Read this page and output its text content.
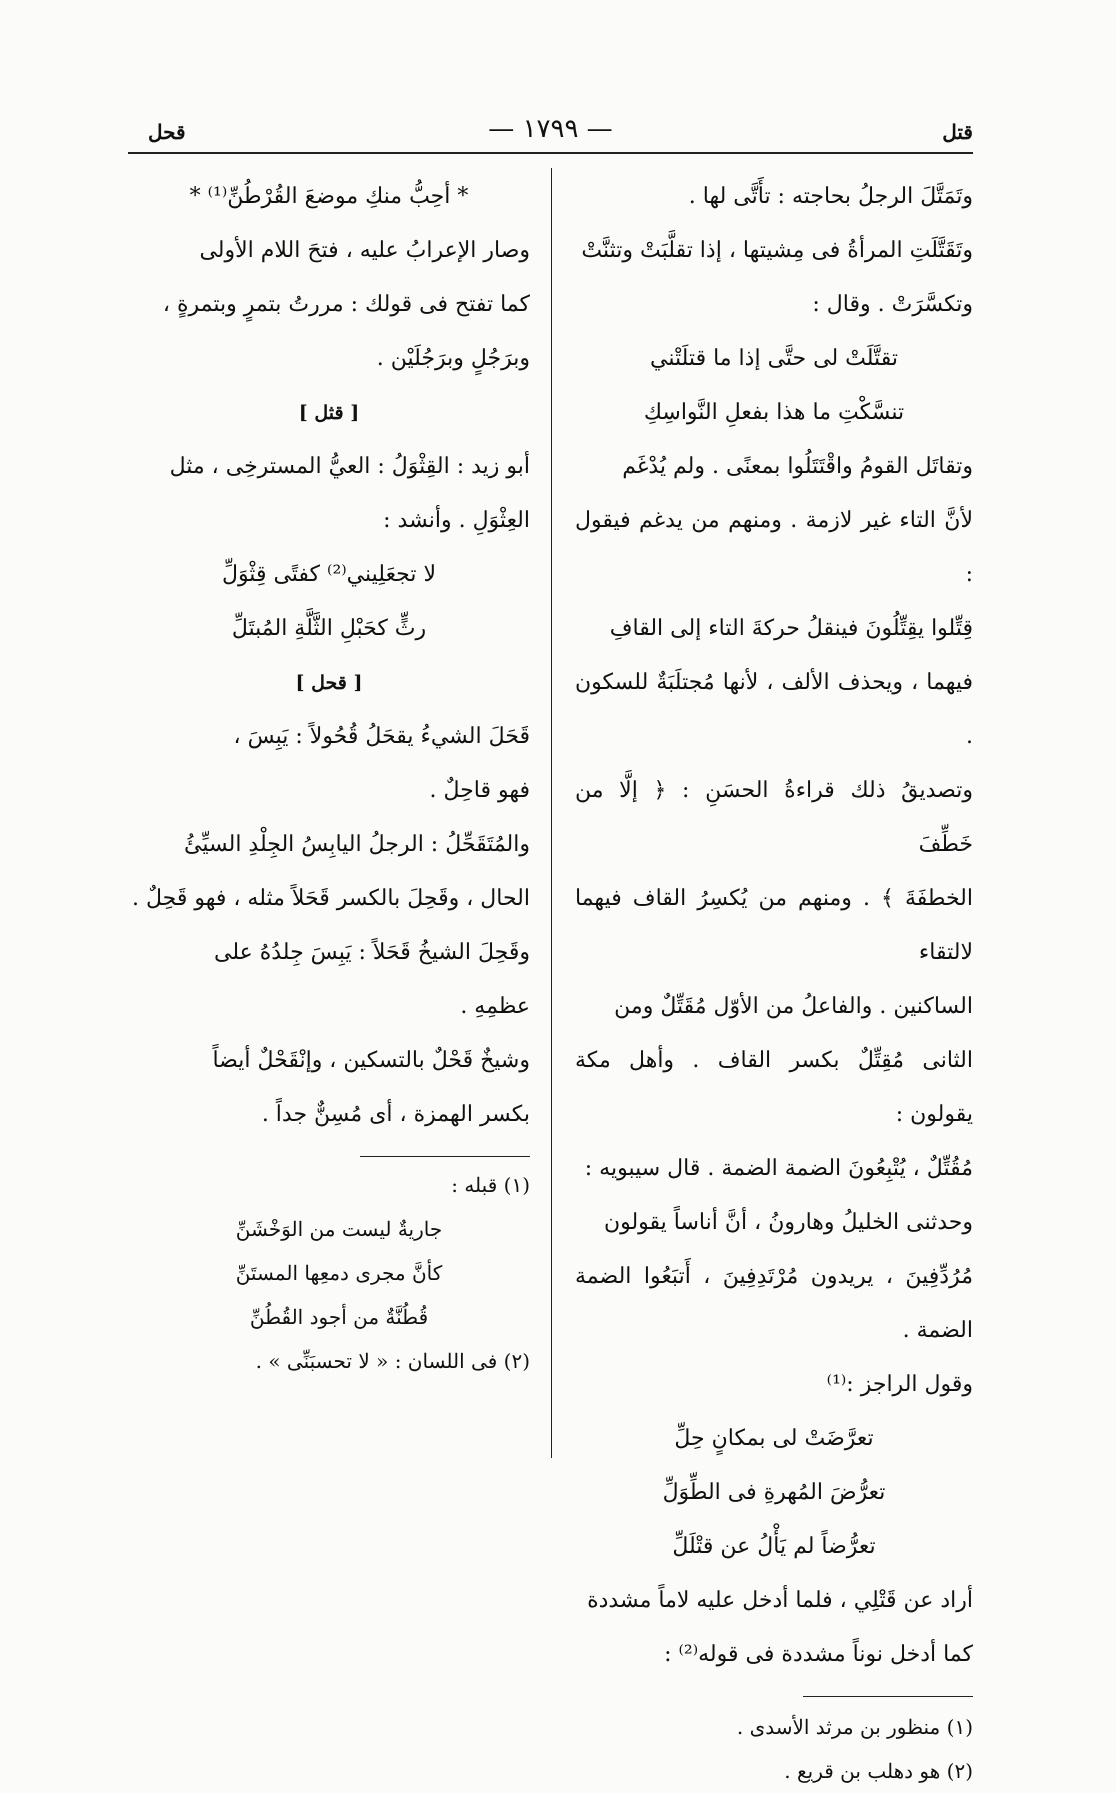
قتل
— ١٧٩٩ —
قحل

وتَمَتَّلَ الرجلُ بحاجته : تأَتَّى لها .

وتَقَتَّلَتِ المرأةُ فى مِشيتها ، إذا تقلَّبَتْ وتثنَّتْ

وتكسَّرَتْ . وقال :

تقتَّلَتْ لى حتَّى إذا ما قتلَتْني

تنسَّكْتِ ما هذا بفعلِ النَّواسِكِ

وتقاتَل القومُ واقْتَتَلُوا بمعنًى . ولم يُدْغَم

لأنَّ التاء غير لازمة . ومنهم من يدغم فيقول :

قِتِّلوا يقِتِّلُونَ فينقلُ حركةَ التاء إلى القافِ

فيهما ، ويحذف الألف ، لأنها مُجتلَبَةٌ للسكون .

وتصديقُ ذلك قراءةُ الحسَنِ : ﴿ إلَّا من خَطِّفَ

الخطفَةَ ﴾ . ومنهم من يُكسِرُ القاف فيهما لالتقاء

الساكنين . والفاعلُ من الأوّل مُقَتِّلٌ ومن

الثانى مُقِتِّلٌ بكسر القاف . وأهل مكة يقولون :

مُقُتِّلٌ ، يُتْبِعُونَ الضمة الضمة . قال سيبويه :

وحدثنى الخليلُ وهارونُ ، أنَّ أناساً يقولون

مُرُدِّفِينَ ، يريدون مُرْتَدِفِينَ ، أَتبَعُوا الضمة الضمة .

وقول الراجز :⁽¹⁾

تعرَّضَتْ لى بمكانٍ حِلِّ

تعرُّضَ المُهرةِ فى الطِّوَلِّ

تعرُّضاً لم يَأْلُ عن قتْلَلِّ

أراد عن قَتْلِي ، فلما أدخل عليه لاماً مشددة

كما أدخل نوناً مشددة فى قوله⁽²⁾ :

(١) منظور بن مرثد الأسدى .

(٢) هو دهلب بن قريع .

* أحِبُّ منكِ موضعَ القُرْطُنِّ⁽¹⁾ *

وصار الإعرابُ عليه ، فتحَ اللام الأولى

كما تفتح فى قولك : مررتُ بتمرٍ وبتمرةٍ ،

وبرَجُلٍ وبرَجُلَيْن .

[ قثل ]

أبو زيد : القِثْوَلُ : العيُّ المسترخِى ، مثل

العِثْوَلِ . وأنشد :

لا تجعَلِيني⁽²⁾ كفتًى قِثْوَلِّ

رثٍّ كحَبْلِ الثَّلَّةِ المُبتَلِّ

[ قحل ]

قَحَلَ الشيءُ يقحَلُ قُحُولاً : يَبِسَ ،

فهو قاحِلٌ .

والمُتَقَحِّلُ : الرجلُ اليابِسُ الجِلْدِ السيِّئُ

الحال ، وقَحِلَ بالكسر قَحَلاً مثله ، فهو قَحِلٌ .

وقَحِلَ الشيخُ قَحَلاً : يَبِسَ جِلدُهُ على

عظمِهِ .

وشيخٌ قَحْلٌ بالتسكين ، وإنْقَحْلٌ أيضاً

بكسر الهمزة ، أى مُسِنٌّ جداً .

(١) قبله :

جاريةٌ ليست من الوَخْشَنِّ

كأنَّ مجرى دمعِها المستَنِّ

قُطُنَّةٌ من أجود القُطُنِّ

(٢) فى اللسان : « لا تحسبَنِّى » .
